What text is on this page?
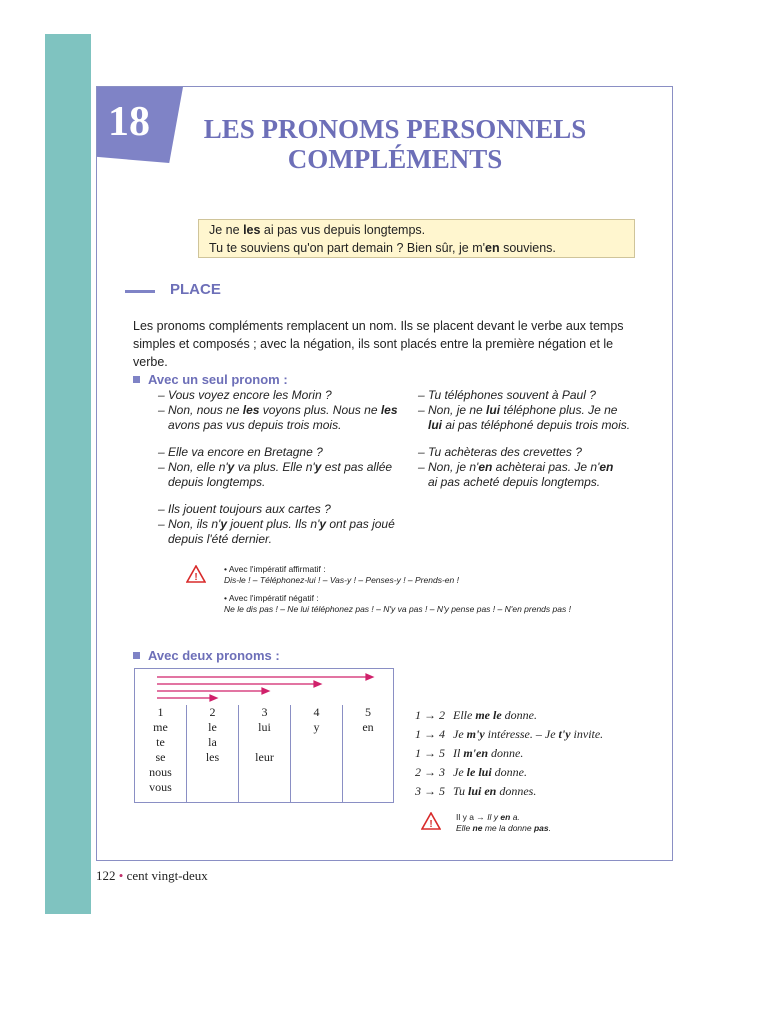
18	LES PRONOMS PERSONNELS
COMPLÉMENTS
Je ne les ai pas vus depuis longtemps.
Tu te souviens qu'on part demain ? Bien sûr, je m'en souviens.
PLACE
Les pronoms compléments remplacent un nom. Ils se placent devant le verbe aux temps simples et composés ; avec la négation, ils sont placés entre la première négation et le verbe.
Avec un seul pronom :
– Vous voyez encore les Morin ?
– Non, nous ne les voyons plus. Nous ne les
avons pas vus depuis trois mois.
– Elle va encore en Bretagne ?
– Non, elle n'y va plus. Elle n'y est pas allée
depuis longtemps.
– Ils jouent toujours aux cartes ?
– Non, ils n'y jouent plus. Ils n'y ont pas joué
depuis l'été dernier.
– Tu téléphones souvent à Paul ?
– Non, je ne lui téléphone plus. Je ne
lui ai pas téléphoné depuis trois mois.
– Tu achèteras des crevettes ?
– Non, je n'en achèterai pas. Je n'en
ai pas acheté depuis longtemps.
!
• Avec l'impératif affirmatif :
Dis-le ! – Téléphonez-lui ! – Vas-y ! – Penses-y ! – Prends-en !
• Avec l'impératif négatif :
Ne le dis pas ! – Ne lui téléphonez pas ! – N'y va pas ! – N'y pense pas ! – N'en prends pas !
Avec deux pronoms :
1
me
te
se
nous
vous
2
le
la
les
3
lui
leur
4
y
5
en
1 → 2 Elle me le donne.
1 → 4 Je m'y intéresse. – Je t'y invite.
1 → 5 Il m'en donne.
2 → 3 Je le lui donne.
3 → 5 Tu lui en donnes.
!
Il y a → Il y en a.
Elle ne me la donne pas.
122 • cent vingt-deux
